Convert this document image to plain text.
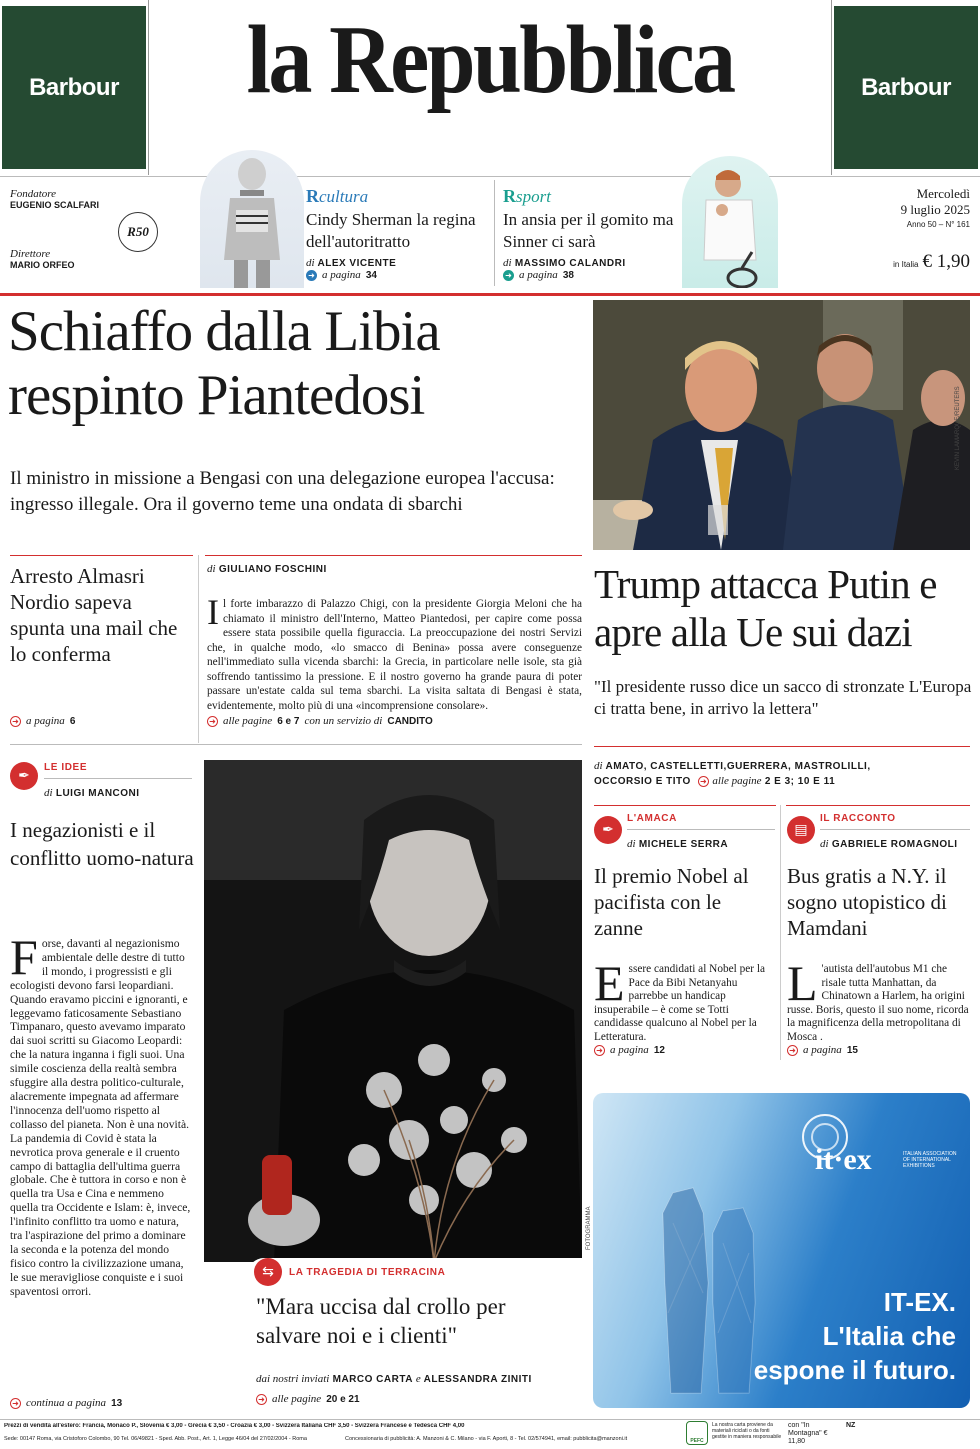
Barbour	Barbour
la Repubblica
Fondatore
EUGENIO SCALFARI
Direttore
MARIO ORFEO
R50
Rcultura
Cindy Sherman la regina dell'autoritratto
di ALEX VICENTE
➜ a pagina 34
Rsport
In ansia per il gomito ma Sinner ci sarà
di MASSIMO CALANDRI
➜ a pagina 38
Mercoledì
9 luglio 2025
Anno 50 – N° 161
in Italia € 1,90
Schiaffo dalla Libia respinto Piantedosi
Il ministro in missione a Bengasi con una delegazione europea l'accusa: ingresso illegale. Ora il governo teme una ondata di sbarchi
Arresto Almasri Nordio sapeva spunta una mail che lo conferma
➜ a pagina 6
di GIULIANO FOSCHINI
Il forte imbarazzo di Palazzo Chigi, con la presidente Giorgia Meloni che ha chiamato il ministro dell'Interno, Matteo Piantedosi, per capire come possa essere stata possibile quella figuraccia. La preoccupazione dei nostri Servizi che, in qualche modo, «lo smacco di Benina» possa avere conseguenze nell'immediato sulla vicenda sbarchi: la Grecia, in particolare nelle isole, sta già soffrendo tantissimo la pressione. E il nostro governo ha grande paura di poter passare un'estate calda sul tema sbarchi. La visita saltata di Bengasi è stata, evidentemente, molto più di una «incomprensione consolare».
➜ alle pagine 6 e 7 con un servizio di CANDITO
KEVIN LAMARQUE/REUTERS
Trump attacca Putin e apre alla Ue sui dazi
"Il presidente russo dice un sacco di stronzate L'Europa ci tratta bene, in arrivo la lettera"
di AMATO, CASTELLETTI,GUERRERA, MASTROLILLI,
OCCORSIO E TITO ➜ alle pagine 2 E 3; 10 E 11
✒
LE IDEE
di LUIGI MANCONI
I negazionisti e il conflitto uomo-natura
Forse, davanti al negazionismo ambientale delle destre di tutto il mondo, i progressisti e gli ecologisti devono farsi leopardiani. Quando eravamo piccini e ignoranti, e leggevamo faticosamente Sebastiano Timpanaro, questo avevamo imparato dai suoi scritti su Giacomo Leopardi: che la natura inganna i figli suoi. Una simile coscienza della realtà sembra sfuggire alla destra politico-culturale, alacremente impegnata ad affermare l'innocenza dell'uomo rispetto al collasso del pianeta. Non è una novità. La pandemia di Covid è stata la nevrotica prova generale e il cruento campo di battaglia dell'ultima guerra globale. Che è tuttora in corso e non è quella tra Usa e Cina e nemmeno quella tra Occidente e Islam: è, invece, l'infinito conflitto tra uomo e natura, tra l'aspirazione del primo a dominare la seconda e la potenza del mondo fisico contro la civilizzazione umana, le sue meravigliose conquiste e i suoi spaventosi orrori.
➜ continua a pagina 13
FOTOGRAMMA
⇆	LA TRAGEDIA DI TERRACINA
"Mara uccisa dal crollo per salvare noi e i clienti"
dai nostri inviati MARCO CARTA e ALESSANDRA ZINITI
➜ alle pagine 20 e 21
✒
L'AMACA
di MICHELE SERRA
Il premio Nobel al pacifista con le zanne
Essere candidati al Nobel per la Pace da Bibi Netanyahu parrebbe un handicap insuperabile – è come se Totti candidasse qualcuno al Nobel per la Letteratura.
➜ a pagina 12
▤
IL RACCONTO
di GABRIELE ROMAGNOLI
Bus gratis a N.Y. il sogno utopistico di Mamdani
L 'autista dell'autobus M1 che risale tutta Manhattan, da Chinatown a Harlem, ha origini russe. Boris, questo il suo nome, ricorda la magnificenza della metropolitana di Mosca .
➜ a pagina 15
it·ex	ITALIAN ASSOCIATION OF INTERNATIONAL EXHIBITIONS
IT-EX.
L'Italia che
espone il futuro.
Prezzi di vendita all'estero: Francia, Monaco P., Slovenia € 3,00 - Grecia € 3,50 - Croazia € 3,00 - Svizzera Italiana CHF 3,50 - Svizzera Francese e Tedesca CHF 4,00
Sede: 00147 Roma, via Cristoforo Colombo, 90 Tel. 06/49821 - Sped. Abb. Post., Art. 1, Legge 46/04 del 27/02/2004 - Roma	Concessionaria di pubblicità: A. Manzoni & C. Milano - via F. Aporti, 8 - Tel. 02/574941, email: pubblicita@manzoni.it	PEFC
La nostra carta proviene da materiali riciclati o da fonti gestite in maniera responsabile
con "In Montagna" € 11,80
NZ
